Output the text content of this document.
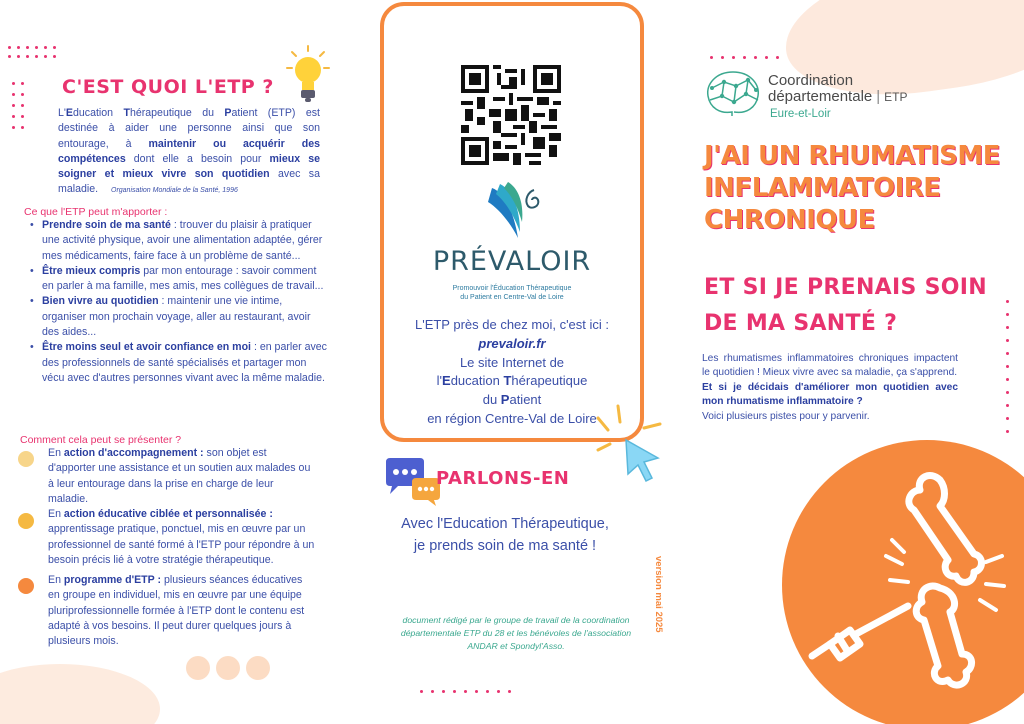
C'EST QUOI L'ETP ?
L'Education Thérapeutique du Patient (ETP) est destinée à aider une personne ainsi que son entourage, à maintenir ou acquérir des compétences dont elle a besoin pour mieux se soigner et mieux vivre son quotidien avec sa maladie. Organisation Mondiale de la Santé, 1996
Ce que l'ETP peut m'apporter :
• Prendre soin de ma santé : trouver du plaisir à pratiquer une activité physique, avoir une alimentation adaptée, gérer mes médicaments, faire face à un problème de santé...
• Être mieux compris par mon entourage : savoir comment en parler à ma famille, mes amis, mes collègues de travail...
• Bien vivre au quotidien : maintenir une vie intime, organiser mon prochain voyage, aller au restaurant, avoir des aides...
• Être moins seul et avoir confiance en moi : en parler avec des professionnels de santé spécialisés et partager mon vécu avec d'autres personnes vivant avec la même maladie.
Comment cela peut se présenter ?
En action d'accompagnement : son objet est d'apporter une assistance et un soutien aux malades ou à leur entourage dans la prise en charge de leur maladie.
En action éducative ciblée et personnalisée : apprentissage pratique, ponctuel, mis en œuvre par un professionnel de santé formé à l'ETP pour répondre à un besoin précis lié à votre stratégie thérapeutique.
En programme d'ETP : plusieurs séances éducatives en groupe en individuel, mis en œuvre par une équipe pluriprofessionnelle formée à l'ETP dont le contenu est adapté à vos besoins. Il peut durer quelques jours à plusieurs mois.
PRÉVALOIR
Promouvoir l'Éducation Thérapeutique
du Patient en Centre-Val de Loire
L'ETP près de chez moi, c'est ici :
prevaloir.fr
Le site Internet de
l'Education Thérapeutique
du Patient
en région Centre-Val de Loire
PARLONS-EN
Avec l'Education Thérapeutique, je prends soin de ma santé !
document rédigé par le groupe de travail de la coordination départementale ETP du 28 et les bénévoles de l'association ANDAR et Spondyl'Asso.
version mai 2025
Coordination
départementale | ETP
Eure-et-Loir
J'AI UN RHUMATISME INFLAMMATOIRE CHRONIQUE
ET SI JE PRENAIS SOIN DE MA SANTÉ ?
Les rhumatismes inflammatoires chroniques impactent le quotidien ! Mieux vivre avec sa maladie, ça s'apprend.
Et si je décidais d'améliorer mon quotidien avec mon rhumatisme inflammatoire ?
Voici plusieurs pistes pour y parvenir.
